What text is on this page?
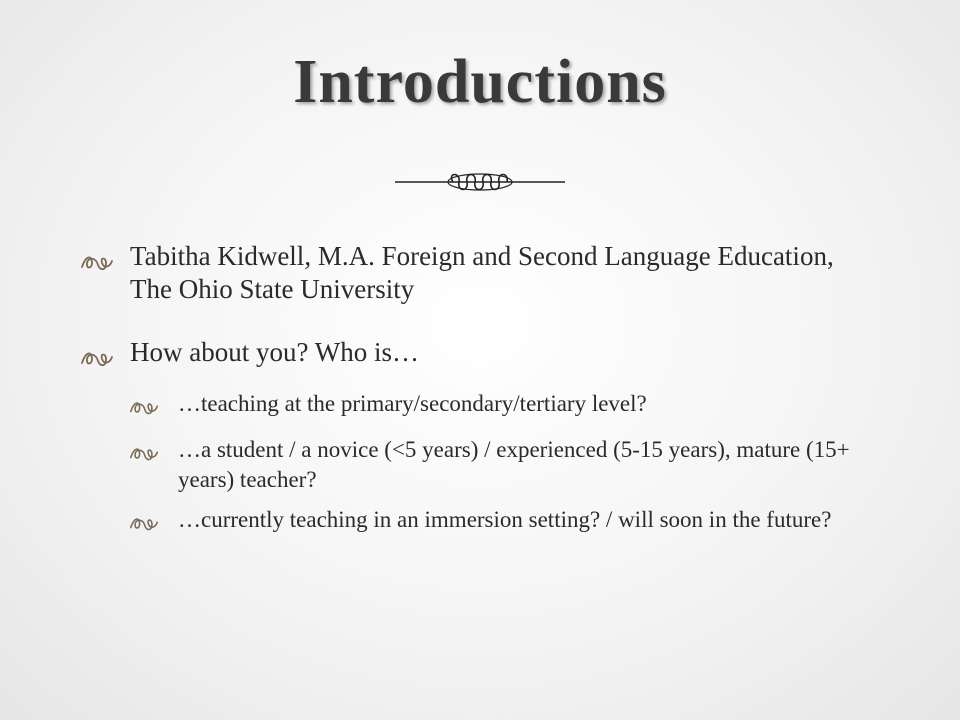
Introductions
Tabitha Kidwell, M.A. Foreign and Second Language Education, The Ohio State University
How about you? Who is…
…teaching at the primary/secondary/tertiary level?
…a student / a novice (<5 years) / experienced (5-15 years), mature (15+ years) teacher?
…currently teaching in an immersion setting? / will soon in the future?
